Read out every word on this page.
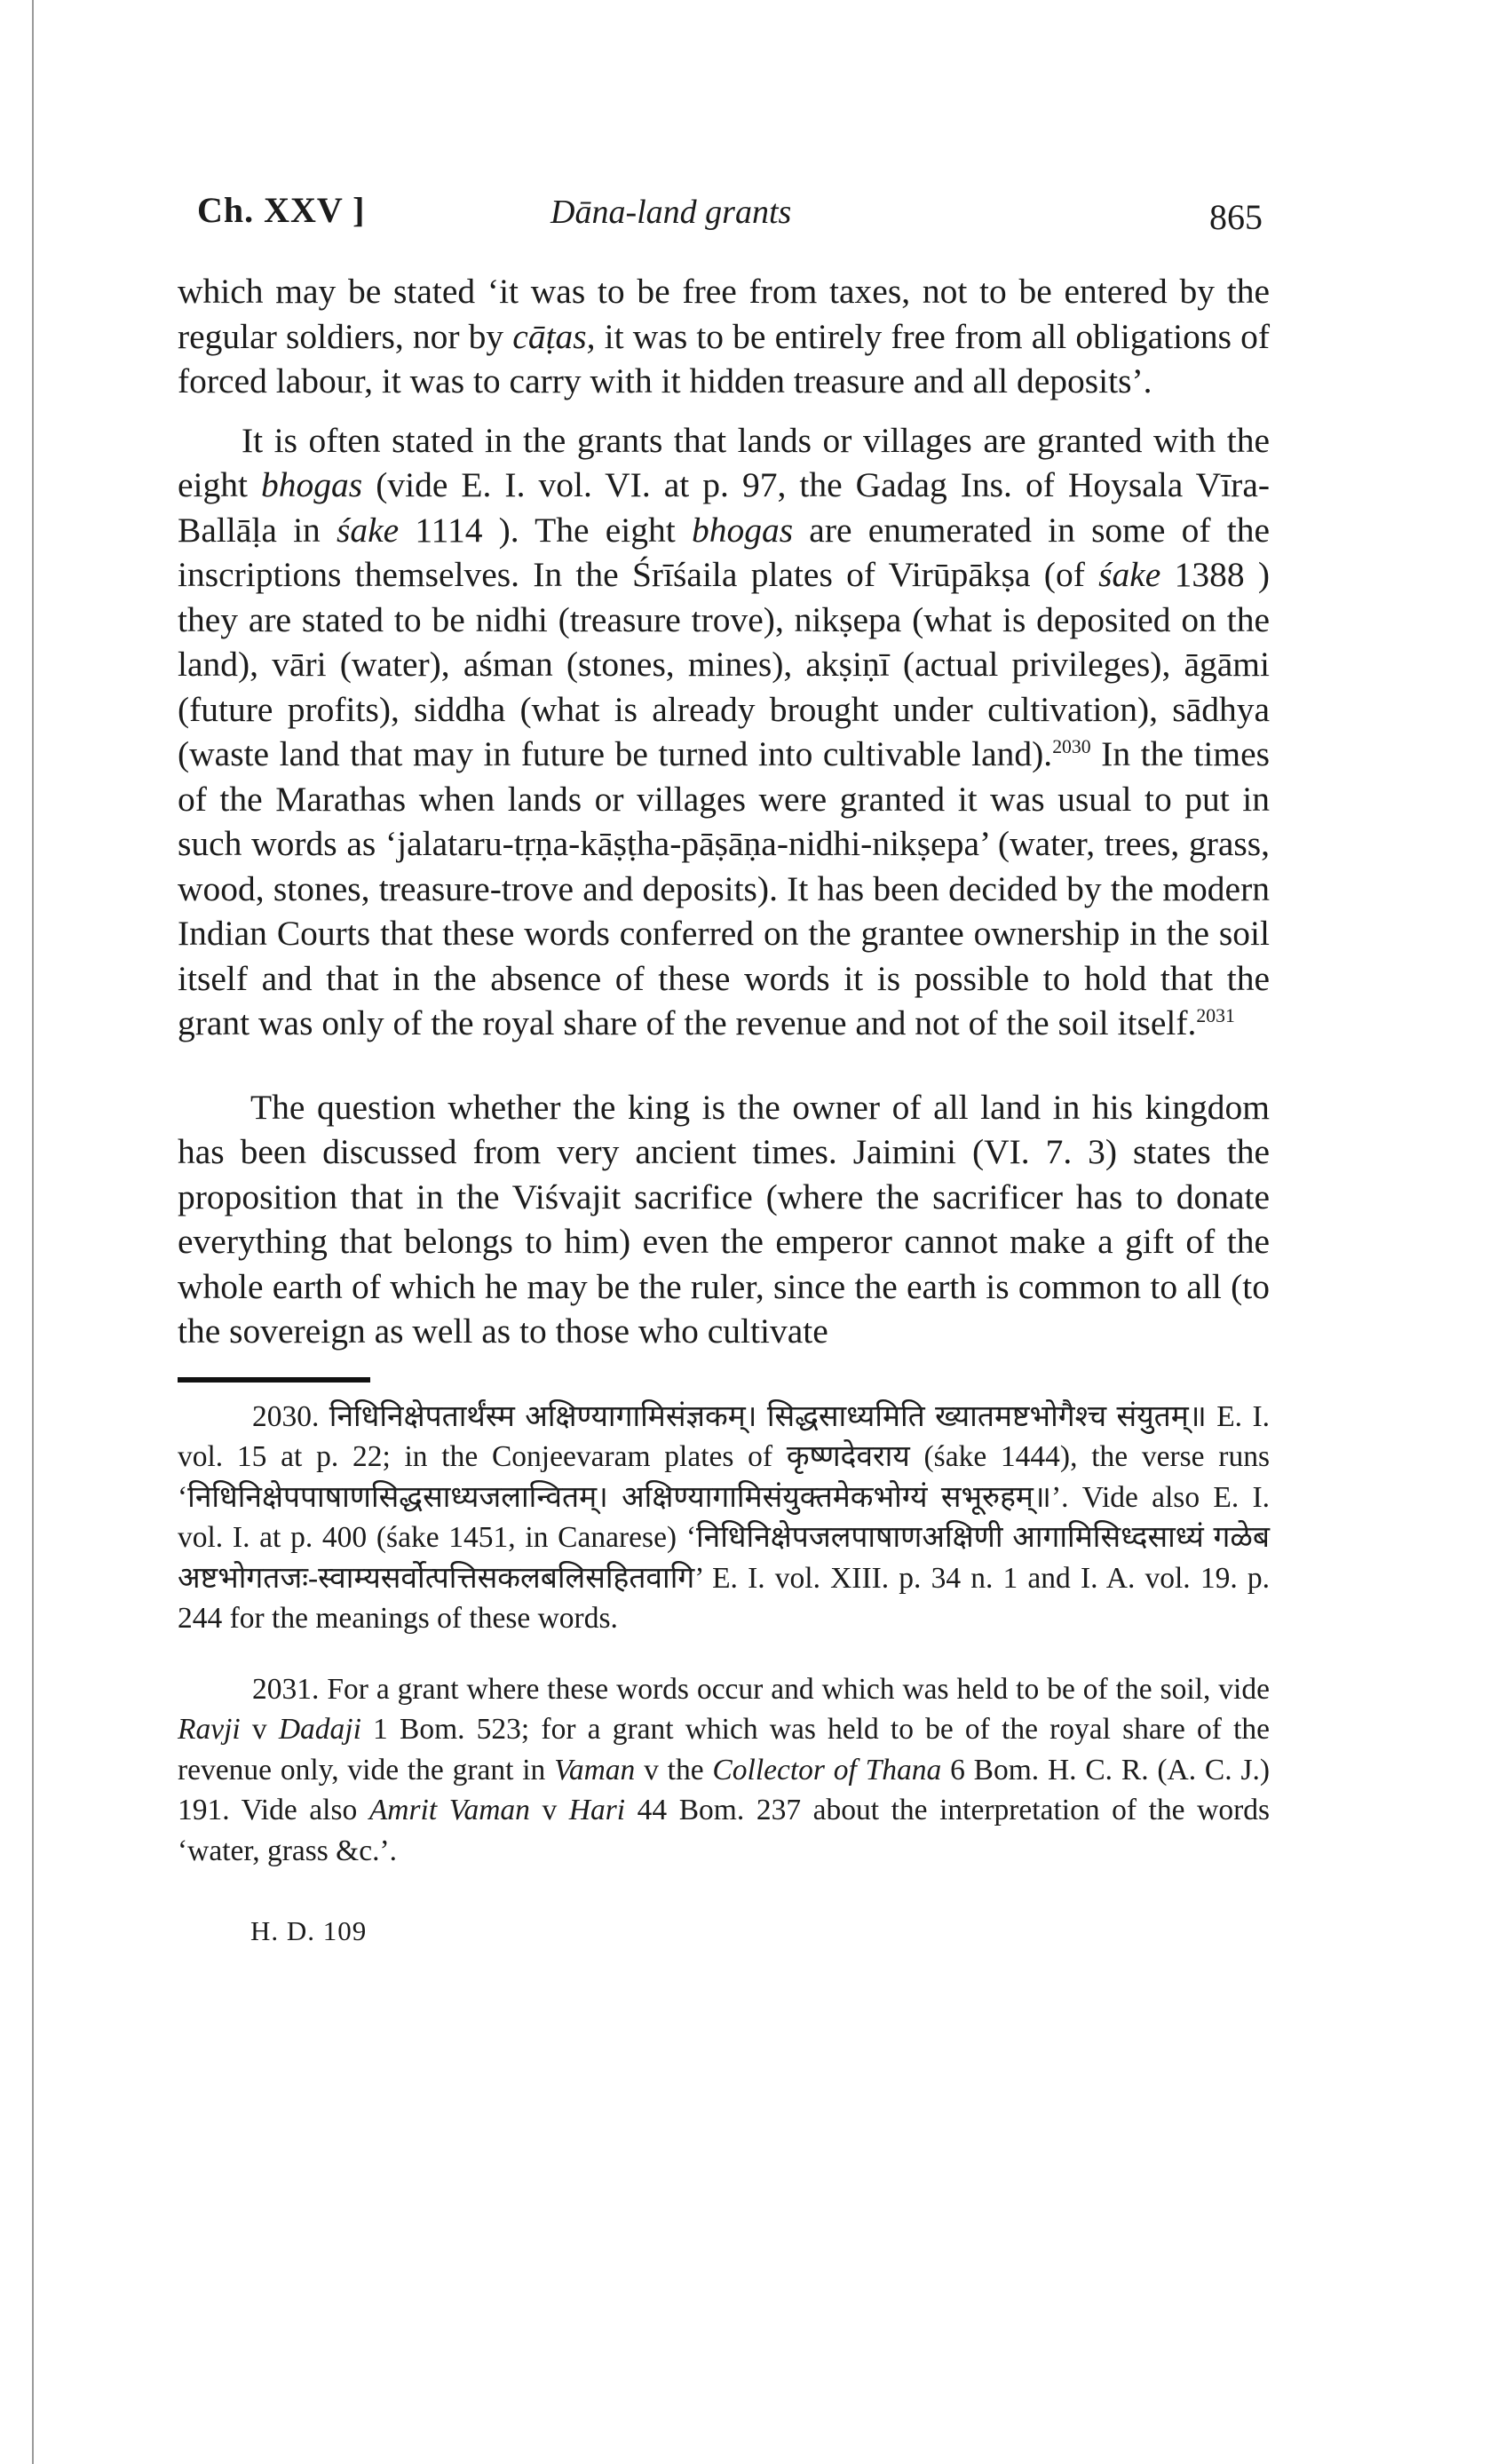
Ch. XXV ]	Dāna-land grants	865

which may be stated ‘it was to be free from taxes, not to be entered by the regular soldiers, nor by cāṭas, it was to be entirely free from all obligations of forced labour, it was to carry with it hidden treasure and all deposits’.

It is often stated in the grants that lands or villages are granted with the eight bhogas (vide E. I. vol. VI. at p. 97, the Gadag Ins. of Hoysala Vīra-Ballāḷa in śake 1114 ). The eight bhogas are enumerated in some of the inscriptions themselves. In the Śrīśaila plates of Virūpākṣa (of śake 1388 ) they are stated to be nidhi (treasure trove), nikṣepa (what is deposited on the land), vāri (water), aśman (stones, mines), akṣiṇī (actual privileges), āgāmi (future profits), siddha (what is already brought under cultivation), sādhya (waste land that may in future be turned into cultivable land).$^{2030}$ In the times of the Marathas when lands or villages were granted it was usual to put in such words as ‘jalataru-tṛṇa-kāṣṭha-pāṣāṇa-nidhi-nikṣepa’ (water, trees, grass, wood, stones, treasure-trove and deposits). It has been decided by the modern Indian Courts that these words conferred on the grantee ownership in the soil itself and that in the absence of these words it is possible to hold that the grant was only of the royal share of the revenue and not of the soil itself.$^{2031}$

The question whether the king is the owner of all land in his kingdom has been discussed from very ancient times. Jaimini (VI. 7. 3) states the proposition that in the Viśvajit sacrifice (where the sacrificer has to donate everything that belongs to him) even the emperor cannot make a gift of the whole earth of which he may be the ruler, since the earth is common to all (to the sovereign as well as to those who cultivate

2030. निधिनिक्षेपतार्थंस्म अक्षिण्यागामिसंज्ञकम्। सिद्धसाध्यमिति ख्यातमष्टभोगैश्च संयुतम्॥ E. I. vol. 15 at p. 22; in the Conjeevaram plates of कृष्णदेवराय (śake 1444), the verse runs ‘निधिनिक्षेपपाषाणसिद्धसाध्यजलान्वितम्। अक्षिण्यागामिसंयुक्तमेकभोग्यं सभूरुहम्॥’. Vide also E. I. vol. I. at p. 400 (śake 1451, in Canarese) ‘निधिनिक्षेपजलपाषाणअक्षिणी आगामिसिध्दसाध्यं गळेब अष्टभोगतजः-स्वाम्यसर्वोत्पत्तिसकलबलिसहितवागि’ E. I. vol. XIII. p. 34 n. 1 and I. A. vol. 19. p. 244 for the meanings of these words.

2031. For a grant where these words occur and which was held to be of the soil, vide Ravji v Dadaji 1 Bom. 523; for a grant which was held to be of the royal share of the revenue only, vide the grant in Vaman v the Collector of Thana 6 Bom. H. C. R. (A. C. J.) 191. Vide also Amrit Vaman v Hari 44 Bom. 237 about the interpretation of the words ‘water, grass &c.’.

H. D. 109
